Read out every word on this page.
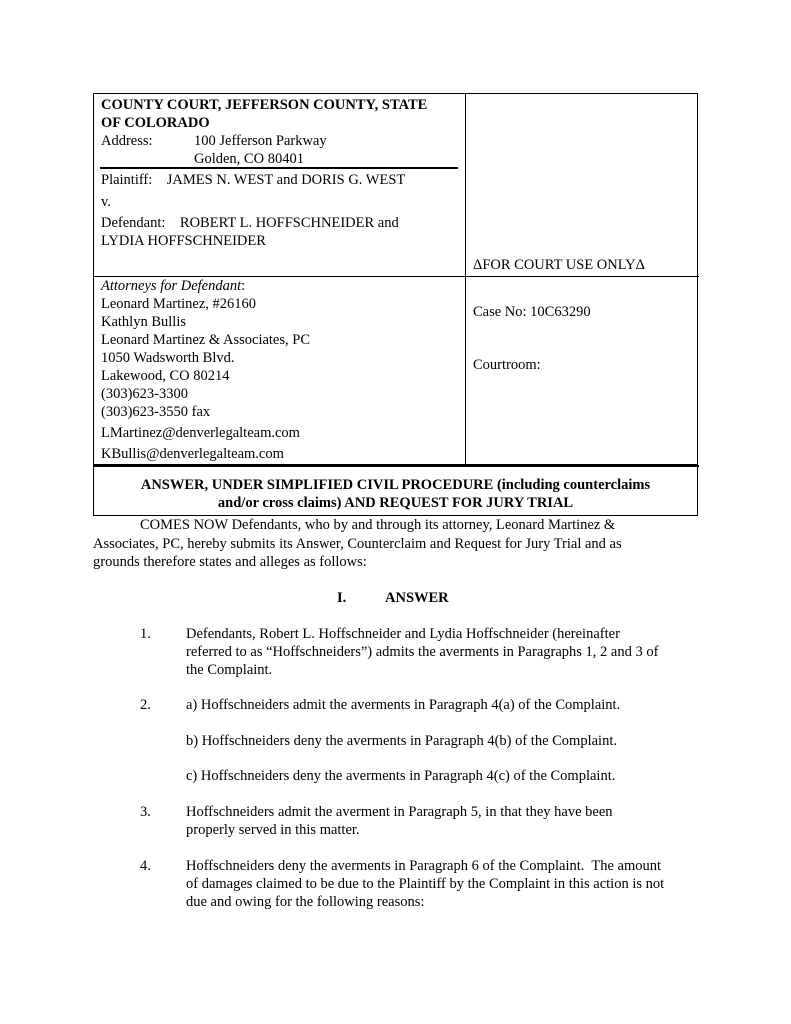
COUNTY COURT, JEFFERSON COUNTY, STATE
OF COLORADO
Address:	100 Jefferson Parkway
Golden, CO 80401
Plaintiff:    JAMES N. WEST and DORIS G. WEST
v.
Defendant:    ROBERT L. HOFFSCHNEIDER and
LYDIA HOFFSCHNEIDER
ΔFOR COURT USE ONLYΔ
Attorneys for Defendant:
Leonard Martinez, #26160
Kathlyn Bullis
Leonard Martinez & Associates, PC
1050 Wadsworth Blvd.
Lakewood, CO 80214
(303)623-3300
(303)623-3550 fax
LMartinez@denverlegalteam.com
KBullis@denverlegalteam.com
Case No: 10C63290
Courtroom:
ANSWER, UNDER SIMPLIFIED CIVIL PROCEDURE (including counterclaims
and/or cross claims) AND REQUEST FOR JURY TRIAL
COMES NOW Defendants, who by and through its attorney, Leonard Martinez &
Associates, PC, hereby submits its Answer, Counterclaim and Request for Jury Trial and as
grounds therefore states and alleges as follows:
I.	ANSWER
1. Defendants, Robert L. Hoffschneider and Lydia Hoffschneider (hereinafter
referred to as “Hoffschneiders”) admits the averments in Paragraphs 1, 2 and 3 of
the Complaint.
2. a) Hoffschneiders admit the averments in Paragraph 4(a) of the Complaint.
b) Hoffschneiders deny the averments in Paragraph 4(b) of the Complaint.
c) Hoffschneiders deny the averments in Paragraph 4(c) of the Complaint.
3. Hoffschneiders admit the averment in Paragraph 5, in that they have been
properly served in this matter.
4. Hoffschneiders deny the averments in Paragraph 6 of the Complaint.  The amount
of damages claimed to be due to the Plaintiff by the Complaint in this action is not
due and owing for the following reasons:
